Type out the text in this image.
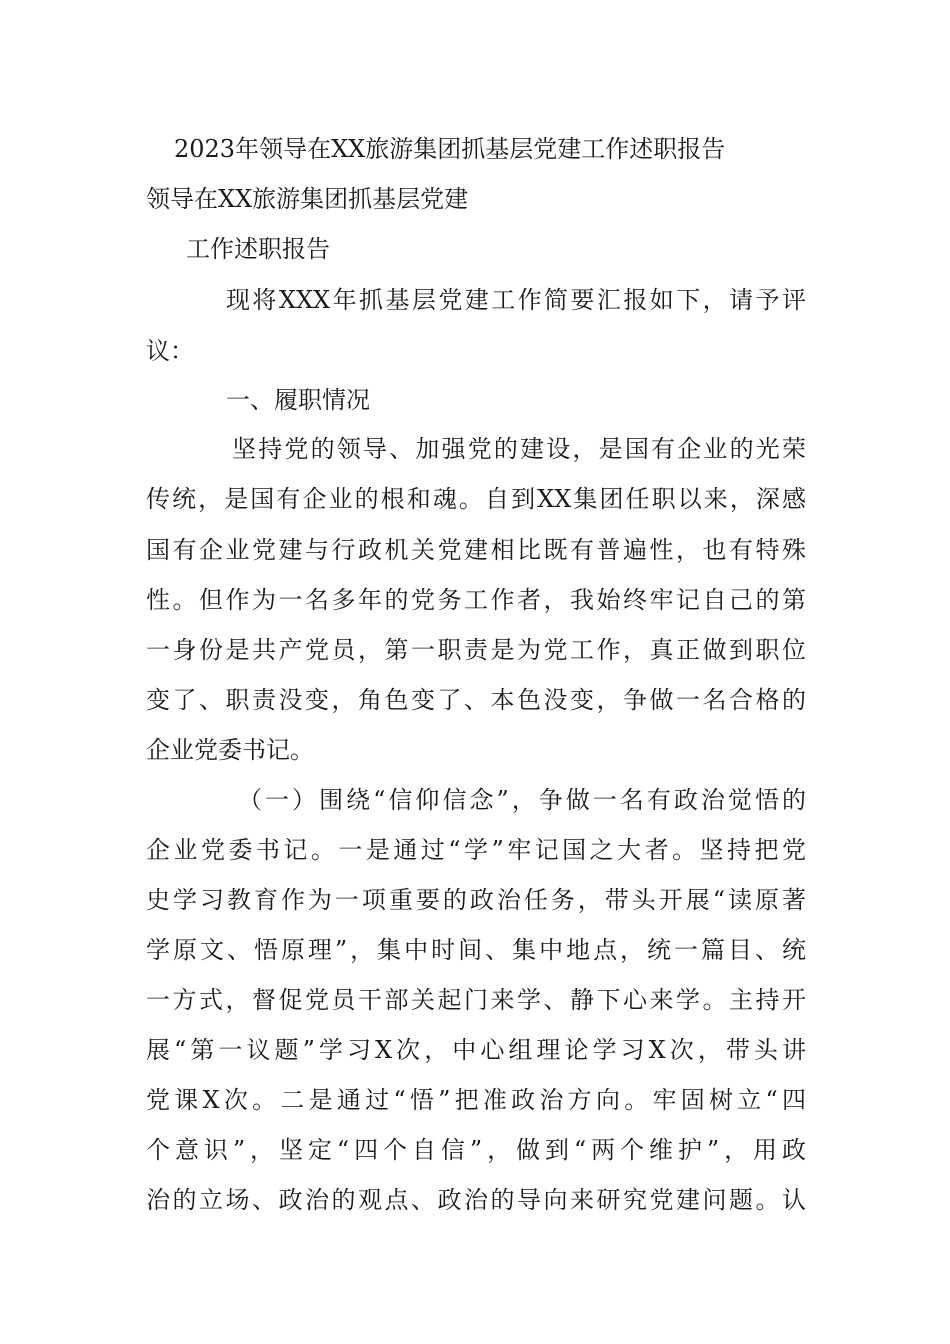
2023年领导在XX旅游集团抓基层党建工作述职报告
领导在XX旅游集团抓基层党建
工作述职报告
现将XXX年抓基层党建工作简要汇报如下，请予评
议：
一、履职情况
坚持党的领导、加强党的建设，是国有企业的光荣
传统，是国有企业的根和魂。自到XX集团任职以来，深感
国有企业党建与行政机关党建相比既有普遍性，也有特殊
性。但作为一名多年的党务工作者，我始终牢记自己的第
一身份是共产党员，第一职责是为党工作，真正做到职位
变了、职责没变，角色变了、本色没变，争做一名合格的
企业党委书记。
（一）围绕“信仰信念”，争做一名有政治觉悟的
企业党委书记。一是通过“学”牢记国之大者。坚持把党
史学习教育作为一项重要的政治任务，带头开展“读原著
学原文、悟原理”，集中时间、集中地点，统一篇目、统
一方式，督促党员干部关起门来学、静下心来学。主持开
展“第一议题”学习X次，中心组理论学习X次，带头讲
党课X次。二是通过“悟”把准政治方向。牢固树立“四
个意识”，坚定“四个自信”，做到“两个维护”，用政
治的立场、政治的观点、政治的导向来研究党建问题。认
